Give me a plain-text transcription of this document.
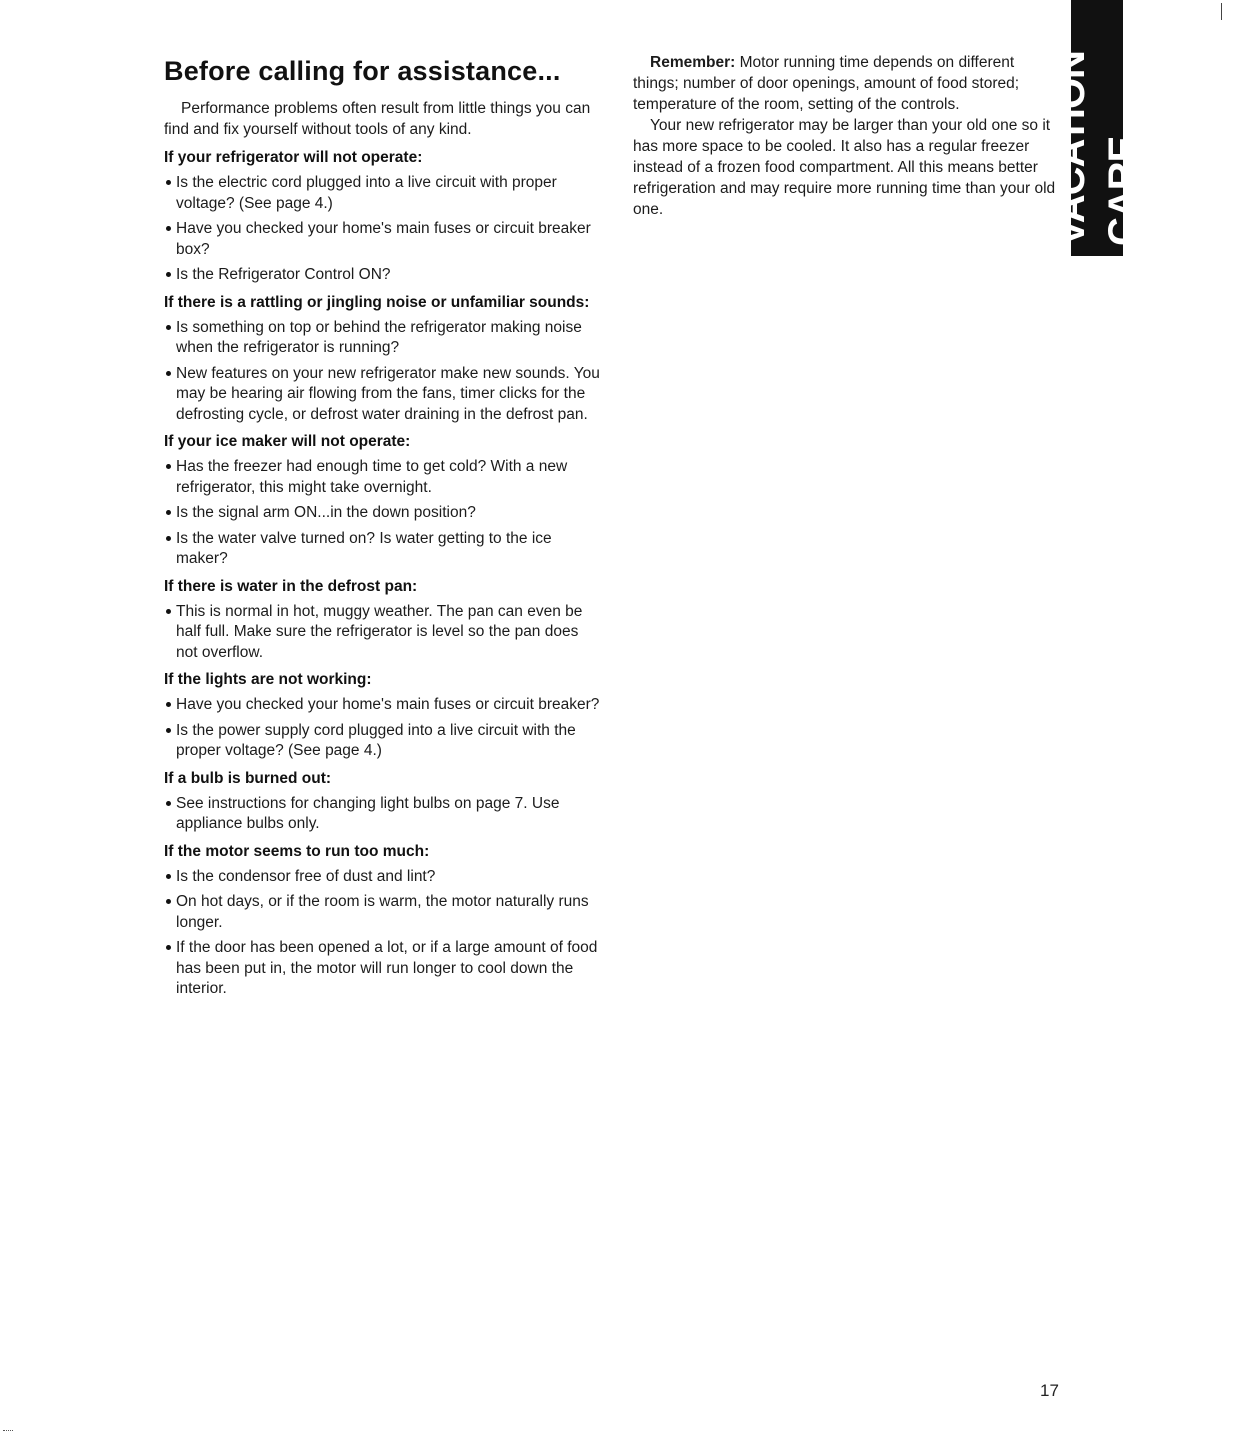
Before calling for assistance...

Performance problems often result from little things you can find and fix yourself without tools of any kind.

If your refrigerator will not operate:
Is the electric cord plugged into a live circuit with proper voltage? (See page 4.)
Have you checked your home's main fuses or circuit breaker box?
Is the Refrigerator Control ON?
If there is a rattling or jingling noise or unfamiliar sounds:
Is something on top or behind the refrigerator making noise when the refrigerator is running?
New features on your new refrigerator make new sounds. You may be hearing air flowing from the fans, timer clicks for the defrosting cycle, or defrost water draining in the defrost pan.
If your ice maker will not operate:
Has the freezer had enough time to get cold? With a new refrigerator, this might take overnight.
Is the signal arm ON...in the down position?
Is the water valve turned on? Is water getting to the ice maker?
If there is water in the defrost pan:
This is normal in hot, muggy weather. The pan can even be half full. Make sure the refrigerator is level so the pan does not overflow.
If the lights are not working:
Have you checked your home's main fuses or circuit breaker?
Is the power supply cord plugged into a live circuit with the proper voltage? (See page 4.)
If a bulb is burned out:
See instructions for changing light bulbs on page 7. Use appliance bulbs only.
If the motor seems to run too much:
Is the condensor free of dust and lint?
On hot days, or if the room is warm, the motor naturally runs longer.
If the door has been opened a lot, or if a large amount of food has been put in, the motor will run longer to cool down the interior.

Remember: Motor running time depends on different things; number of door openings, amount of food stored; temperature of the room, setting of the controls.

Your new refrigerator may be larger than your old one so it has more space to be cooled. It also has a regular freezer instead of a frozen food compartment. All this means better refrigeration and may require more running time than your old one.	VACATION CARE
17
